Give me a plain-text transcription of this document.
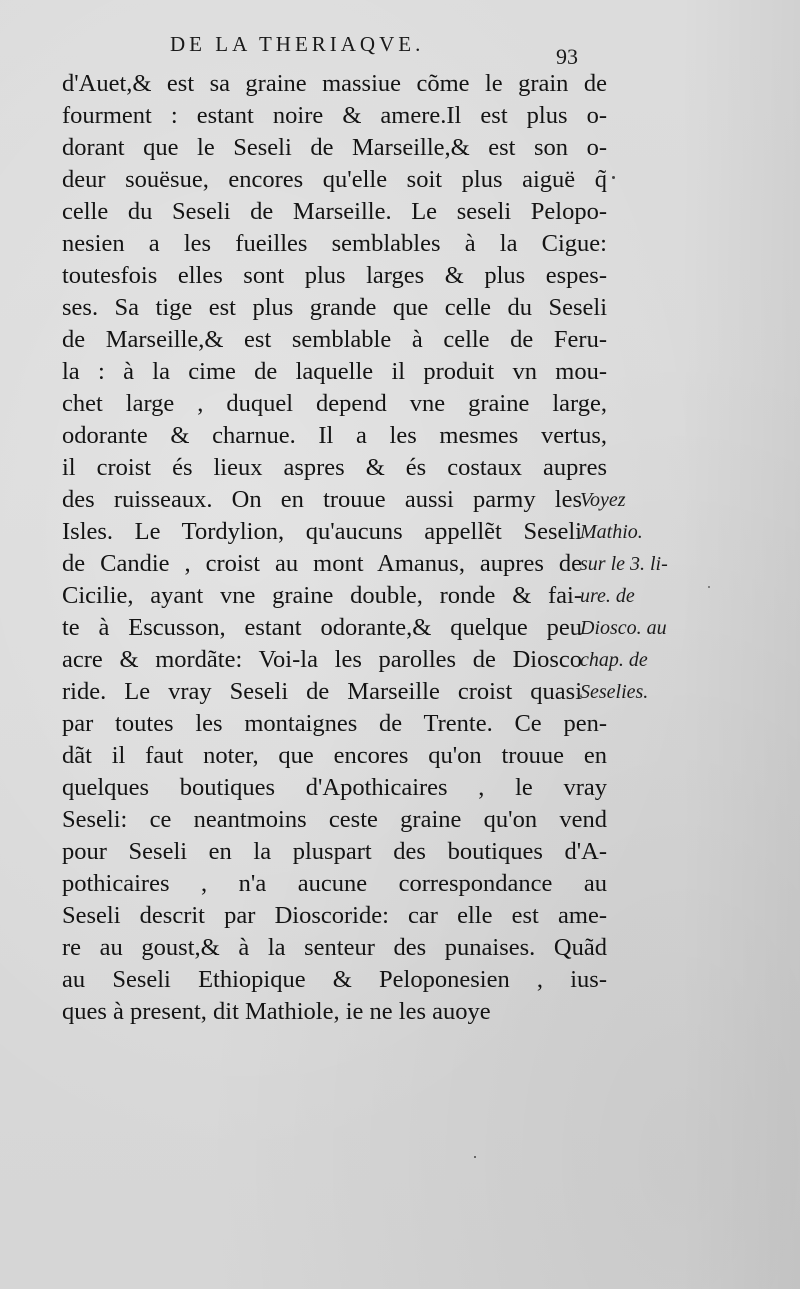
DE LA THERIAQVE.	93
d'Auet,& est sa graine massiue cõme le grain de
fourment : estant noire & amere.Il est plus o-
dorant que le Seseli de Marseille,& est son o-
deur souësue, encores qu'elle soit plus aiguë q̃
celle du Seseli de Marseille. Le seseli Pelopo-
nesien a les fueilles semblables à la Cigue:
toutesfois elles sont plus larges & plus espes-
ses. Sa tige est plus grande que celle du Seseli
de Marseille,& est semblable à celle de Feru-
la : à la cime de laquelle il produit vn mou-
chet large , duquel depend vne graine large,
odorante & charnue. Il a les mesmes vertus,
il croist és lieux aspres & és costaux aupres
des ruisseaux. On en trouue aussi parmy les
Isles. Le Tordylion, qu'aucuns appellẽt Seseli
de Candie , croist au mont Amanus, aupres de
Cicilie, ayant vne graine double, ronde & fai-
te à Escusson, estant odorante,& quelque peu
acre & mordãte: Voi-la les parolles de Diosco
ride. Le vray Seseli de Marseille croist quasi
par toutes les montaignes de Trente. Ce pen-
dãt il faut noter, que encores qu'on trouue en
quelques boutiques d'Apothicaires , le vray
Seseli: ce neantmoins ceste graine qu'on vend
pour Seseli en la pluspart des boutiques d'A-
pothicaires , n'a aucune correspondance au
Seseli descrit par Dioscoride: car elle est ame-
re au goust,& à la senteur des punaises. Quãd
au Seseli Ethiopique & Peloponesien , ius-
ques à present, dit Mathiole, ie ne les auoye
Voyez
Mathio.
sur le 3. li-
ure. de
Diosco. au
chap. de
Seselies.
